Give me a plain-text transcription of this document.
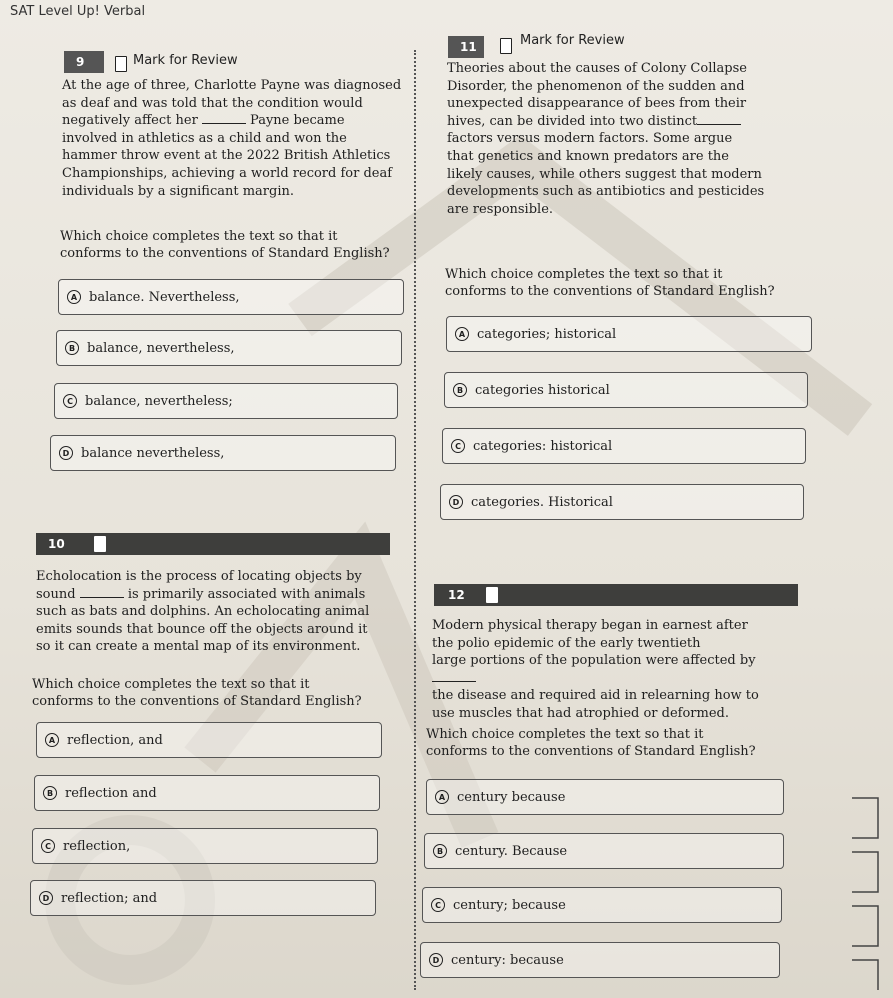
SAT Level Up! Verbal
9	Mark for Review

At the age of three, Charlotte Payne was diagnosed

as deaf and was told that the condition would

negatively affect her	Payne became

involved in athletics as a child and won the

hammer throw event at the 2022 British Athletics

Championships, achieving a world record for deaf

individuals by a significant margin.

Which choice completes the text so that it
conforms to the conventions of Standard English?
A balance. Nevertheless,
B balance, nevertheless,
C balance, nevertheless;
D balance nevertheless,
10

Echolocation is the process of locating objects by

sound	is primarily associated with animals

such as bats and dolphins. An echolocating animal

emits sounds that bounce off the objects around it

so it can create a mental map of its environment.

Which choice completes the text so that it
conforms to the conventions of Standard English?
A reflection, and
B reflection and
C reflection,
D reflection; and
11	Mark for Review

Theories about the causes of Colony Collapse

Disorder, the phenomenon of the sudden and

unexpected disappearance of bees from their

hives, can be divided into two distinct

factors versus modern factors. Some argue

that genetics and known predators are the

likely causes, while others suggest that modern

developments such as antibiotics and pesticides

are responsible.

Which choice completes the text so that it
conforms to the conventions of Standard English?
A categories; historical
B categories historical
C categories: historical
D categories. Historical
12

Modern physical therapy began in earnest after

the polio epidemic of the early twentieth

large portions of the population were affected by

the disease and required aid in relearning how to

use muscles that had atrophied or deformed.

Which choice completes the text so that it
conforms to the conventions of Standard English?
A century because
B century. Because
C century; because
D century: because
